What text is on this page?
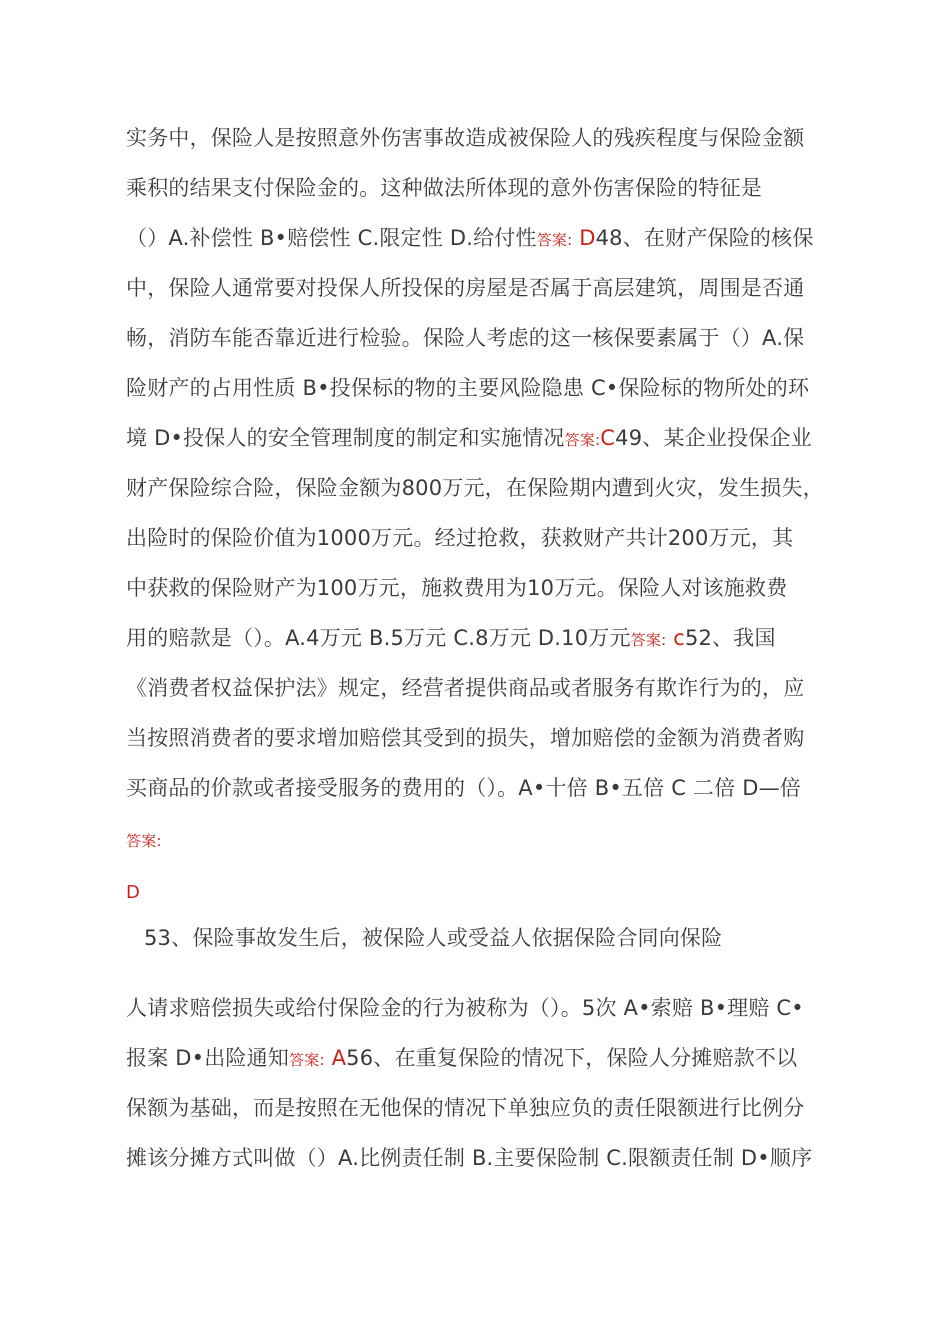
实务中，保险人是按照意外伤害事故造成被保险人的残疾程度与保险金额
乘积的结果支付保险金的。这种做法所体现的意外伤害保险的特征是
（）A.补偿性 B•赔偿性 C.限定性 D.给付性答案: D48、在财产保险的核保
中，保险人通常要对投保人所投保的房屋是否属于高层建筑，周围是否通
畅，消防车能否靠近进行检验。保险人考虑的这一核保要素属于（）A.保
险财产的占用性质 B•投保标的物的主要风险隐患 C•保险标的物所处的环
境 D•投保人的安全管理制度的制定和实施情况答案:C49、某企业投保企业
财产保险综合险，保险金额为800万元，在保险期内遭到火灾，发生损失，
出险时的保险价值为1000万元。经过抢救，获救财产共计200万元，其
中获救的保险财产为100万元，施救费用为10万元。保险人对该施救费
用的赔款是（）。A.4万元 B.5万元 C.8万元 D.10万元答案: c52、我国
《消费者权益保护法》规定，经营者提供商品或者服务有欺诈行为的，应
当按照消费者的要求增加赔偿其受到的损失，增加赔偿的金额为消费者购
买商品的价款或者接受服务的费用的（）。A•十倍 B•五倍 C 二倍 D—倍
答案:
D
53、保险事故发生后，被保险人或受益人依据保险合同向保险
人请求赔偿损失或给付保险金的行为被称为（）。5次 A•索赔 B•理赔 C•
报案 D•出险通知答案: A56、在重复保险的情况下，保险人分摊赔款不以
保额为基础，而是按照在无他保的情况下单独应负的责任限额进行比例分
摊该分摊方式叫做（）A.比例责任制 B.主要保险制 C.限额责任制 D•顺序
